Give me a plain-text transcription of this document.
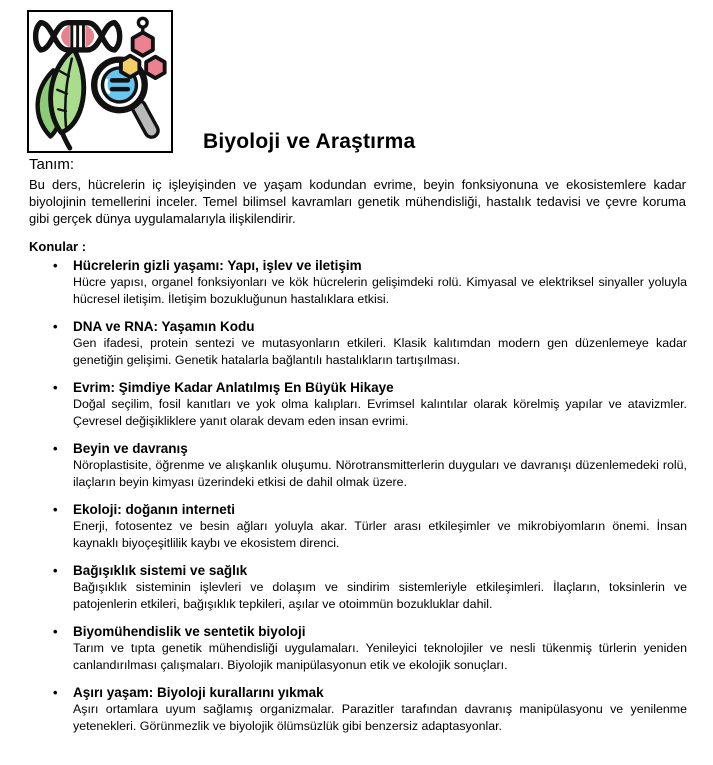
Biyoloji ve Araştırma
Tanım:

Bu ders, hücrelerin iç işleyişinden ve yaşam kodundan evrime, beyin fonksiyonuna ve ekosistemlere kadar biyolojinin temellerini inceler. Temel bilimsel kavramları genetik mühendisliği, hastalık tedavisi ve çevre koruma gibi gerçek dünya uygulamalarıyla ilişkilendirir.

Konular :
•	Hücrelerin gizli yaşamı: Yapı, işlev ve iletişim
Hücre yapısı, organel fonksiyonları ve kök hücrelerin gelişimdeki rolü. Kimyasal ve elektriksel sinyaller yoluyla hücresel iletişim. İletişim bozukluğunun hastalıklara etkisi.
•	DNA ve RNA: Yaşamın Kodu
Gen ifadesi, protein sentezi ve mutasyonların etkileri. Klasik kalıtımdan modern gen düzenlemeye kadar genetiğin gelişimi. Genetik hatalarla bağlantılı hastalıkların tartışılması.
•	Evrim: Şimdiye Kadar Anlatılmış En Büyük Hikaye
Doğal seçilim, fosil kanıtları ve yok olma kalıpları. Evrimsel kalıntılar olarak körelmiş yapılar ve atavizmler. Çevresel değişikliklere yanıt olarak devam eden insan evrimi.
•	Beyin ve davranış
Nöroplastisite, öğrenme ve alışkanlık oluşumu. Nörotransmitterlerin duyguları ve davranışı düzenlemedeki rolü, ilaçların beyin kimyası üzerindeki etkisi de dahil olmak üzere.
•	Ekoloji: doğanın interneti
Enerji, fotosentez ve besin ağları yoluyla akar. Türler arası etkileşimler ve mikrobiyomların önemi. İnsan kaynaklı biyoçeşitlilik kaybı ve ekosistem direnci.
•	Bağışıklık sistemi ve sağlık
Bağışıklık sisteminin işlevleri ve dolaşım ve sindirim sistemleriyle etkileşimleri. İlaçların, toksinlerin ve patojenlerin etkileri, bağışıklık tepkileri, aşılar ve otoimmün bozukluklar dahil.
•	Biyomühendislik ve sentetik biyoloji
Tarım ve tıpta genetik mühendisliği uygulamaları. Yenileyici teknolojiler ve nesli tükenmiş türlerin yeniden canlandırılması çalışmaları. Biyolojik manipülasyonun etik ve ekolojik sonuçları.
•	Aşırı yaşam: Biyoloji kurallarını yıkmak
Aşırı ortamlara uyum sağlamış organizmalar. Parazitler tarafından davranış manipülasyonu ve yenilenme yetenekleri. Görünmezlik ve biyolojik ölümsüzlük gibi benzersiz adaptasyonlar.
